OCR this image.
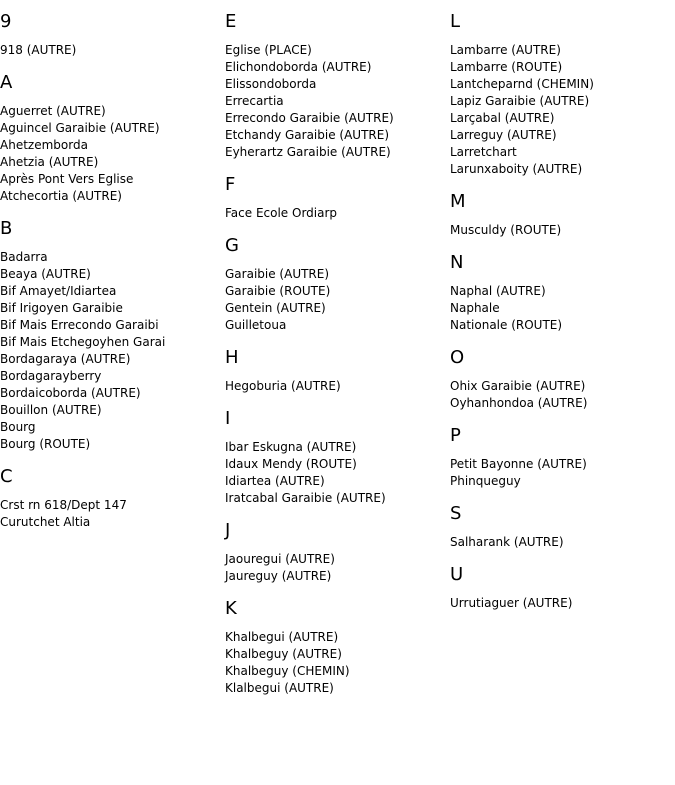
9
918 (AUTRE)
A
Aguerret (AUTRE)
Aguincel Garaibie (AUTRE)
Ahetzemborda
Ahetzia (AUTRE)
Après Pont Vers Eglise
Atchecortia (AUTRE)
B
Badarra
Beaya (AUTRE)
Bif Amayet/Idiartea
Bif Irigoyen Garaibie
Bif Mais Errecondo Garaibi
Bif Mais Etchegoyhen Garai
Bordagaraya (AUTRE)
Bordagarayberry
Bordaicoborda (AUTRE)
Bouillon (AUTRE)
Bourg
Bourg (ROUTE)
C
Crst rn 618/Dept 147
Curutchet Altia
E
Eglise (PLACE)
Elichondoborda (AUTRE)
Elissondoborda
Errecartia
Errecondo Garaibie (AUTRE)
Etchandy Garaibie (AUTRE)
Eyherartz Garaibie (AUTRE)
F
Face Ecole Ordiarp
G
Garaibie (AUTRE)
Garaibie (ROUTE)
Gentein (AUTRE)
Guilletoua
H
Hegoburia (AUTRE)
I
Ibar Eskugna (AUTRE)
Idaux Mendy (ROUTE)
Idiartea (AUTRE)
Iratcabal Garaibie (AUTRE)
J
Jaouregui (AUTRE)
Jaureguy (AUTRE)
K
Khalbegui (AUTRE)
Khalbeguy (AUTRE)
Khalbeguy (CHEMIN)
Klalbegui (AUTRE)
L
Lambarre (AUTRE)
Lambarre (ROUTE)
Lantcheparnd (CHEMIN)
Lapiz Garaibie (AUTRE)
Larçabal (AUTRE)
Larreguy (AUTRE)
Larretchart
Larunxaboity (AUTRE)
M
Musculdy (ROUTE)
N
Naphal (AUTRE)
Naphale
Nationale (ROUTE)
O
Ohix Garaibie (AUTRE)
Oyhanhondoa (AUTRE)
P
Petit Bayonne (AUTRE)
Phinqueguy
S
Salharank (AUTRE)
U
Urrutiaguer (AUTRE)
